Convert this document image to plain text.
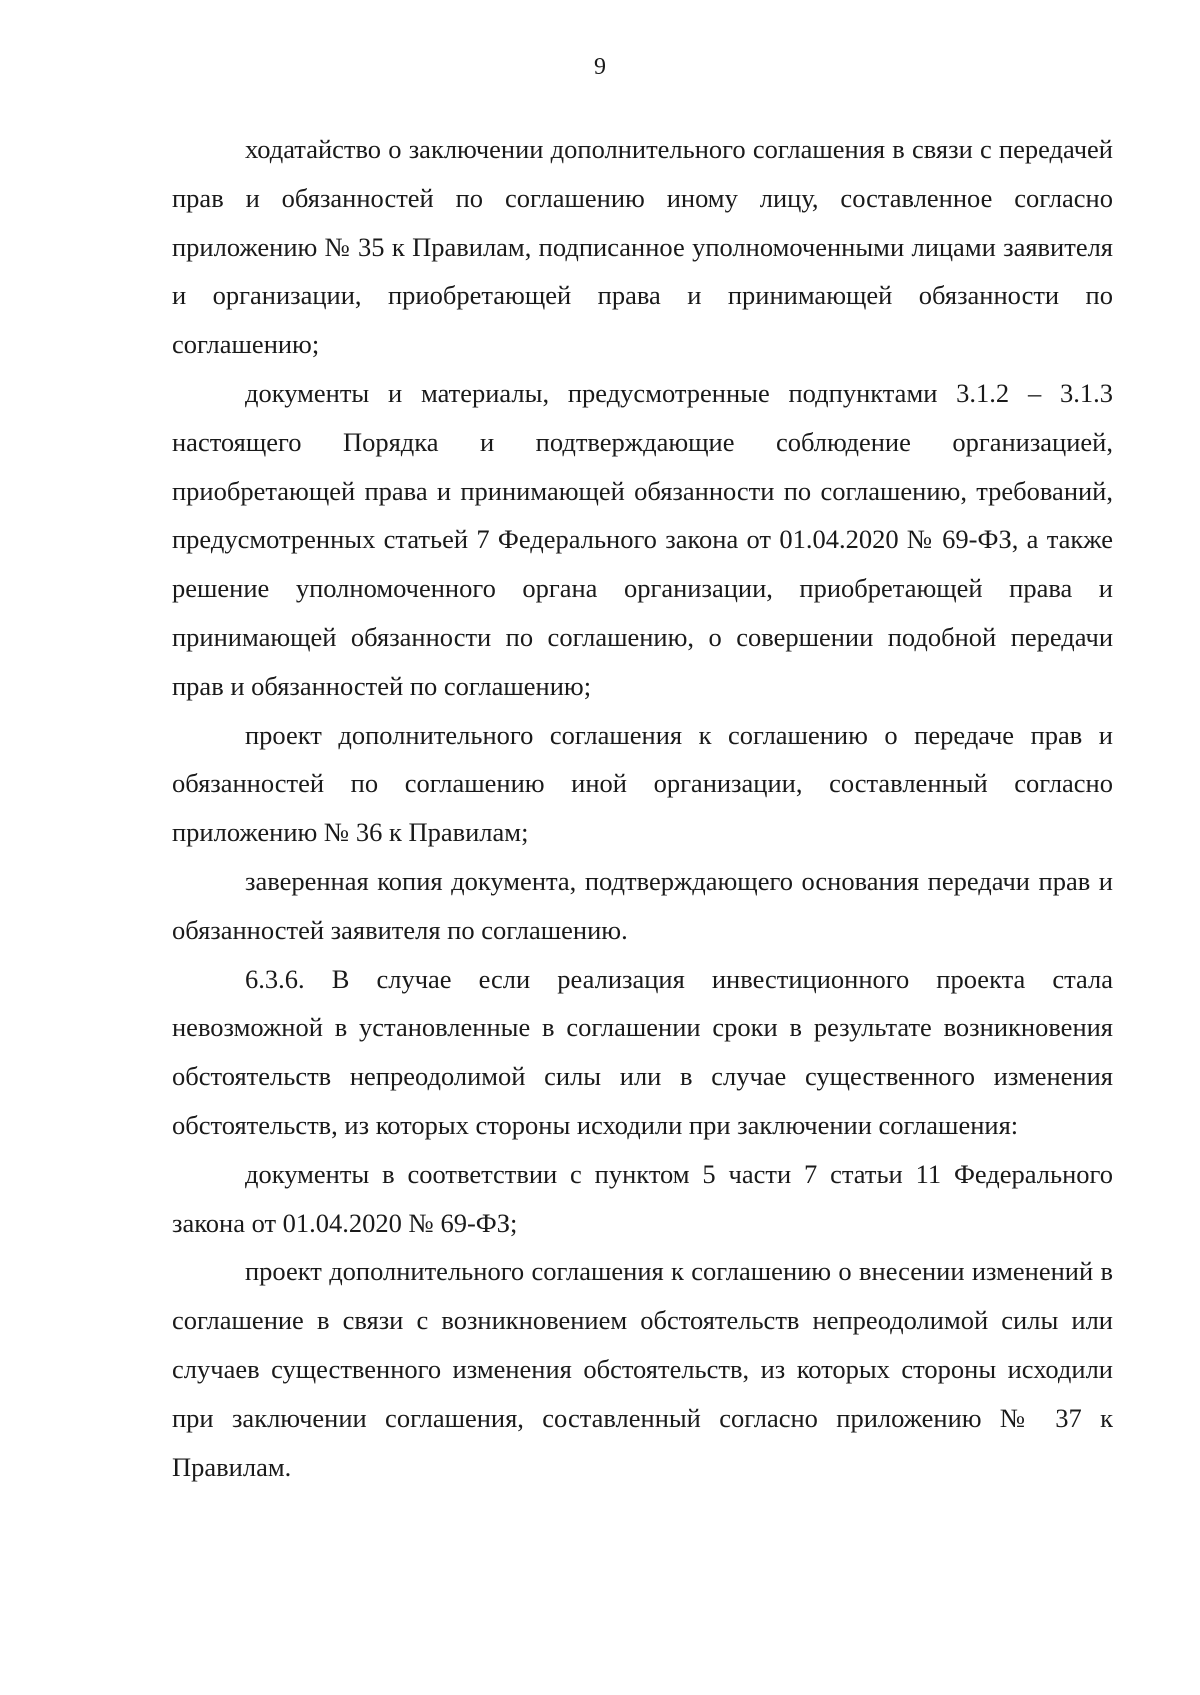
9

ходатайство о заключении дополнительного соглашения в связи с передачей прав и обязанностей по соглашению иному лицу, составленное согласно приложению № 35 к Правилам, подписанное уполномоченными лицами заявителя и организации, приобретающей права и принимающей обязанности по соглашению;

документы и материалы, предусмотренные подпунктами 3.1.2 – 3.1.3 настоящего Порядка и подтверждающие соблюдение организацией, приобретающей права и принимающей обязанности по соглашению, требований, предусмотренных статьей 7 Федерального закона от 01.04.2020 № 69-ФЗ, а также решение уполномоченного органа организации, приобретающей права и принимающей обязанности по соглашению, о совершении подобной передачи прав и обязанностей по соглашению;

проект дополнительного соглашения к соглашению о передаче прав и обязанностей по соглашению иной организации, составленный согласно приложению № 36 к Правилам;

заверенная копия документа, подтверждающего основания передачи прав и обязанностей заявителя по соглашению.

6.3.6. В случае если реализация инвестиционного проекта стала невозможной в установленные в соглашении сроки в результате возникновения обстоятельств непреодолимой силы или в случае существенного изменения обстоятельств, из которых стороны исходили при заключении соглашения:

документы в соответствии с пунктом 5 части 7 статьи 11 Федерального закона от 01.04.2020 № 69-ФЗ;

проект дополнительного соглашения к соглашению о внесении изменений в соглашение в связи с возникновением обстоятельств непреодолимой силы или случаев существенного изменения обстоятельств, из которых стороны исходили при заключении соглашения, составленный согласно приложению № 37 к Правилам.
